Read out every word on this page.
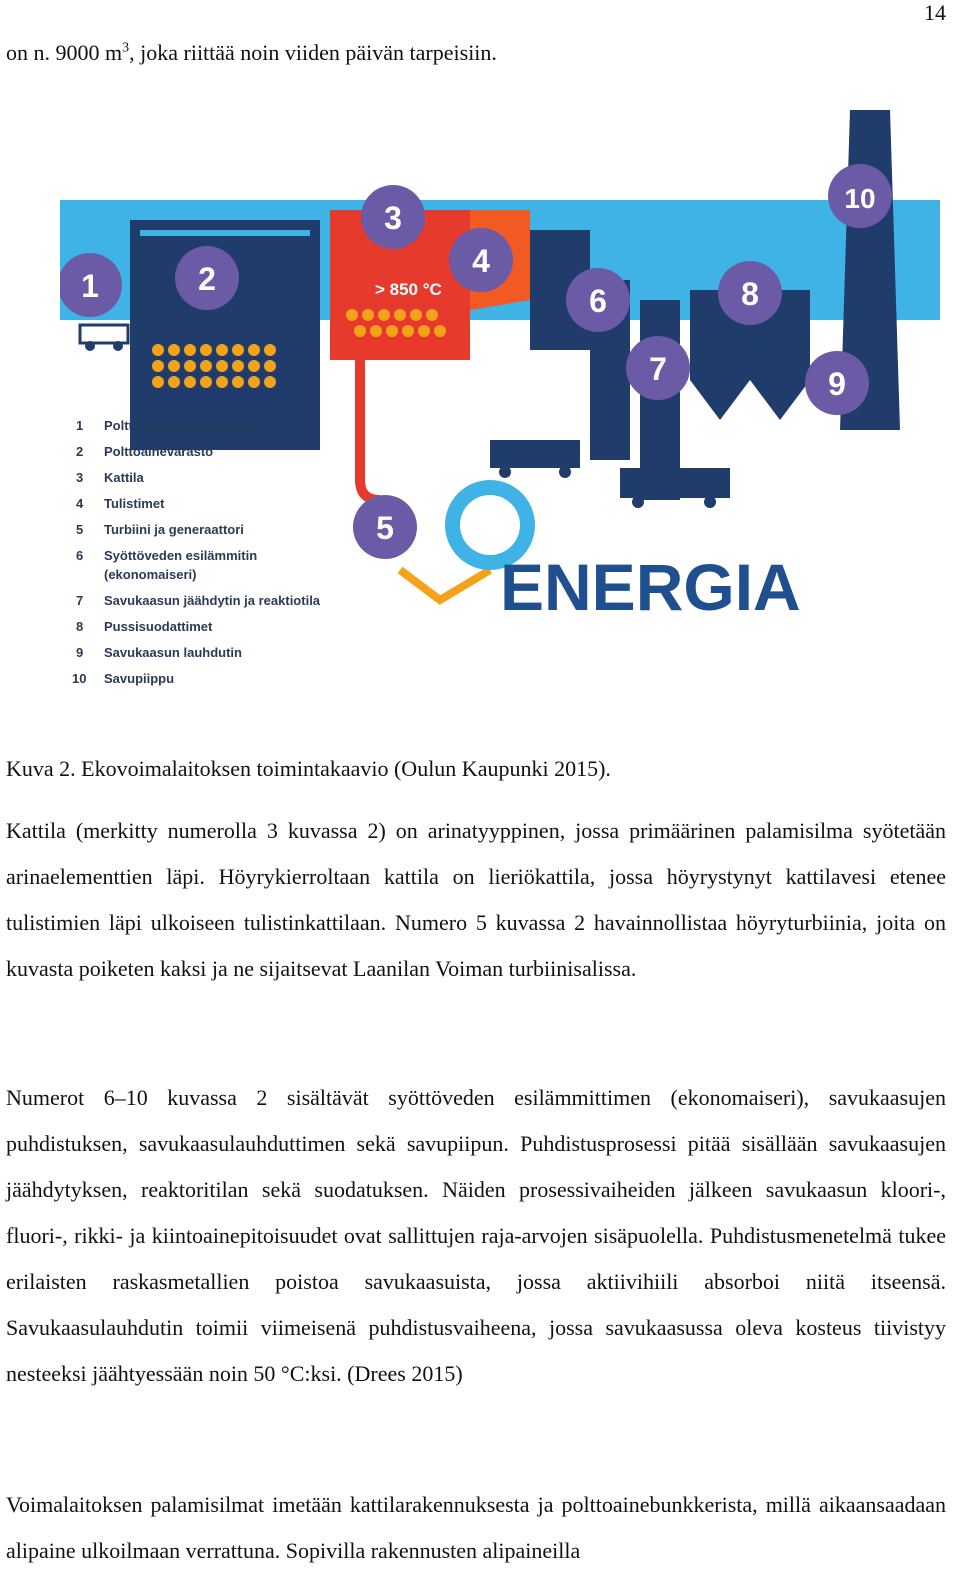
14
on n. 9000 $m^3$, joka riittää noin viiden päivän tarpeisiin.
> 850 °C
ENERGIA
1	2
3
4
5
6
7
8
9
10
1 Polttoaineen vastaanotto
2 Polttoainevarasto
3 Kattila
4 Tulistimet
5 Turbiini ja generaattori
6 Syöttöveden esilämmitin
(ekonomaiseri)
7 Savukaasun jäähdytin ja reaktiotila
8 Pussisuodattimet
9 Savukaasun lauhdutin
10 Savupiippu
Kuva 2. Ekovoimalaitoksen toimintakaavio (Oulun Kaupunki 2015).
Kattila (merkitty numerolla 3 kuvassa 2) on arinatyyppinen, jossa primäärinen palamisilma syötetään arinaelementtien läpi. Höyrykierroltaan kattila on lieriökattila, jossa höyrystynyt kattilavesi etenee tulistimien läpi ulkoiseen tulistinkattilaan. Numero 5 kuvassa 2 havainnollistaa höyryturbiinia, joita on kuvasta poiketen kaksi ja ne sijaitsevat Laanilan Voiman turbiinisalissa.
Numerot 6–10 kuvassa 2 sisältävät syöttöveden esilämmittimen (ekonomaiseri), savukaasujen puhdistuksen, savukaasulauhduttimen sekä savupiipun. Puhdistusprosessi pitää sisällään savukaasujen jäähdytyksen, reaktoritilan sekä suodatuksen. Näiden prosessivaiheiden jälkeen savukaasun kloori-, fluori-, rikki- ja kiintoainepitoisuudet ovat sallittujen raja-arvojen sisäpuolella. Puhdistusmenetelmä tukee erilaisten raskasmetallien poistoa savukaasuista, jossa aktiivihiili absorboi niitä itseensä. Savukaasulauhdutin toimii viimeisenä puhdistusvaiheena, jossa savukaasussa oleva kosteus tiivistyy nesteeksi jäähtyessään noin 50 °C:ksi. (Drees 2015)
Voimalaitoksen palamisilmat imetään kattilarakennuksesta ja polttoainebunkkerista, millä aikaansaadaan alipaine ulkoilmaan verrattuna. Sopivilla rakennusten alipaineilla
